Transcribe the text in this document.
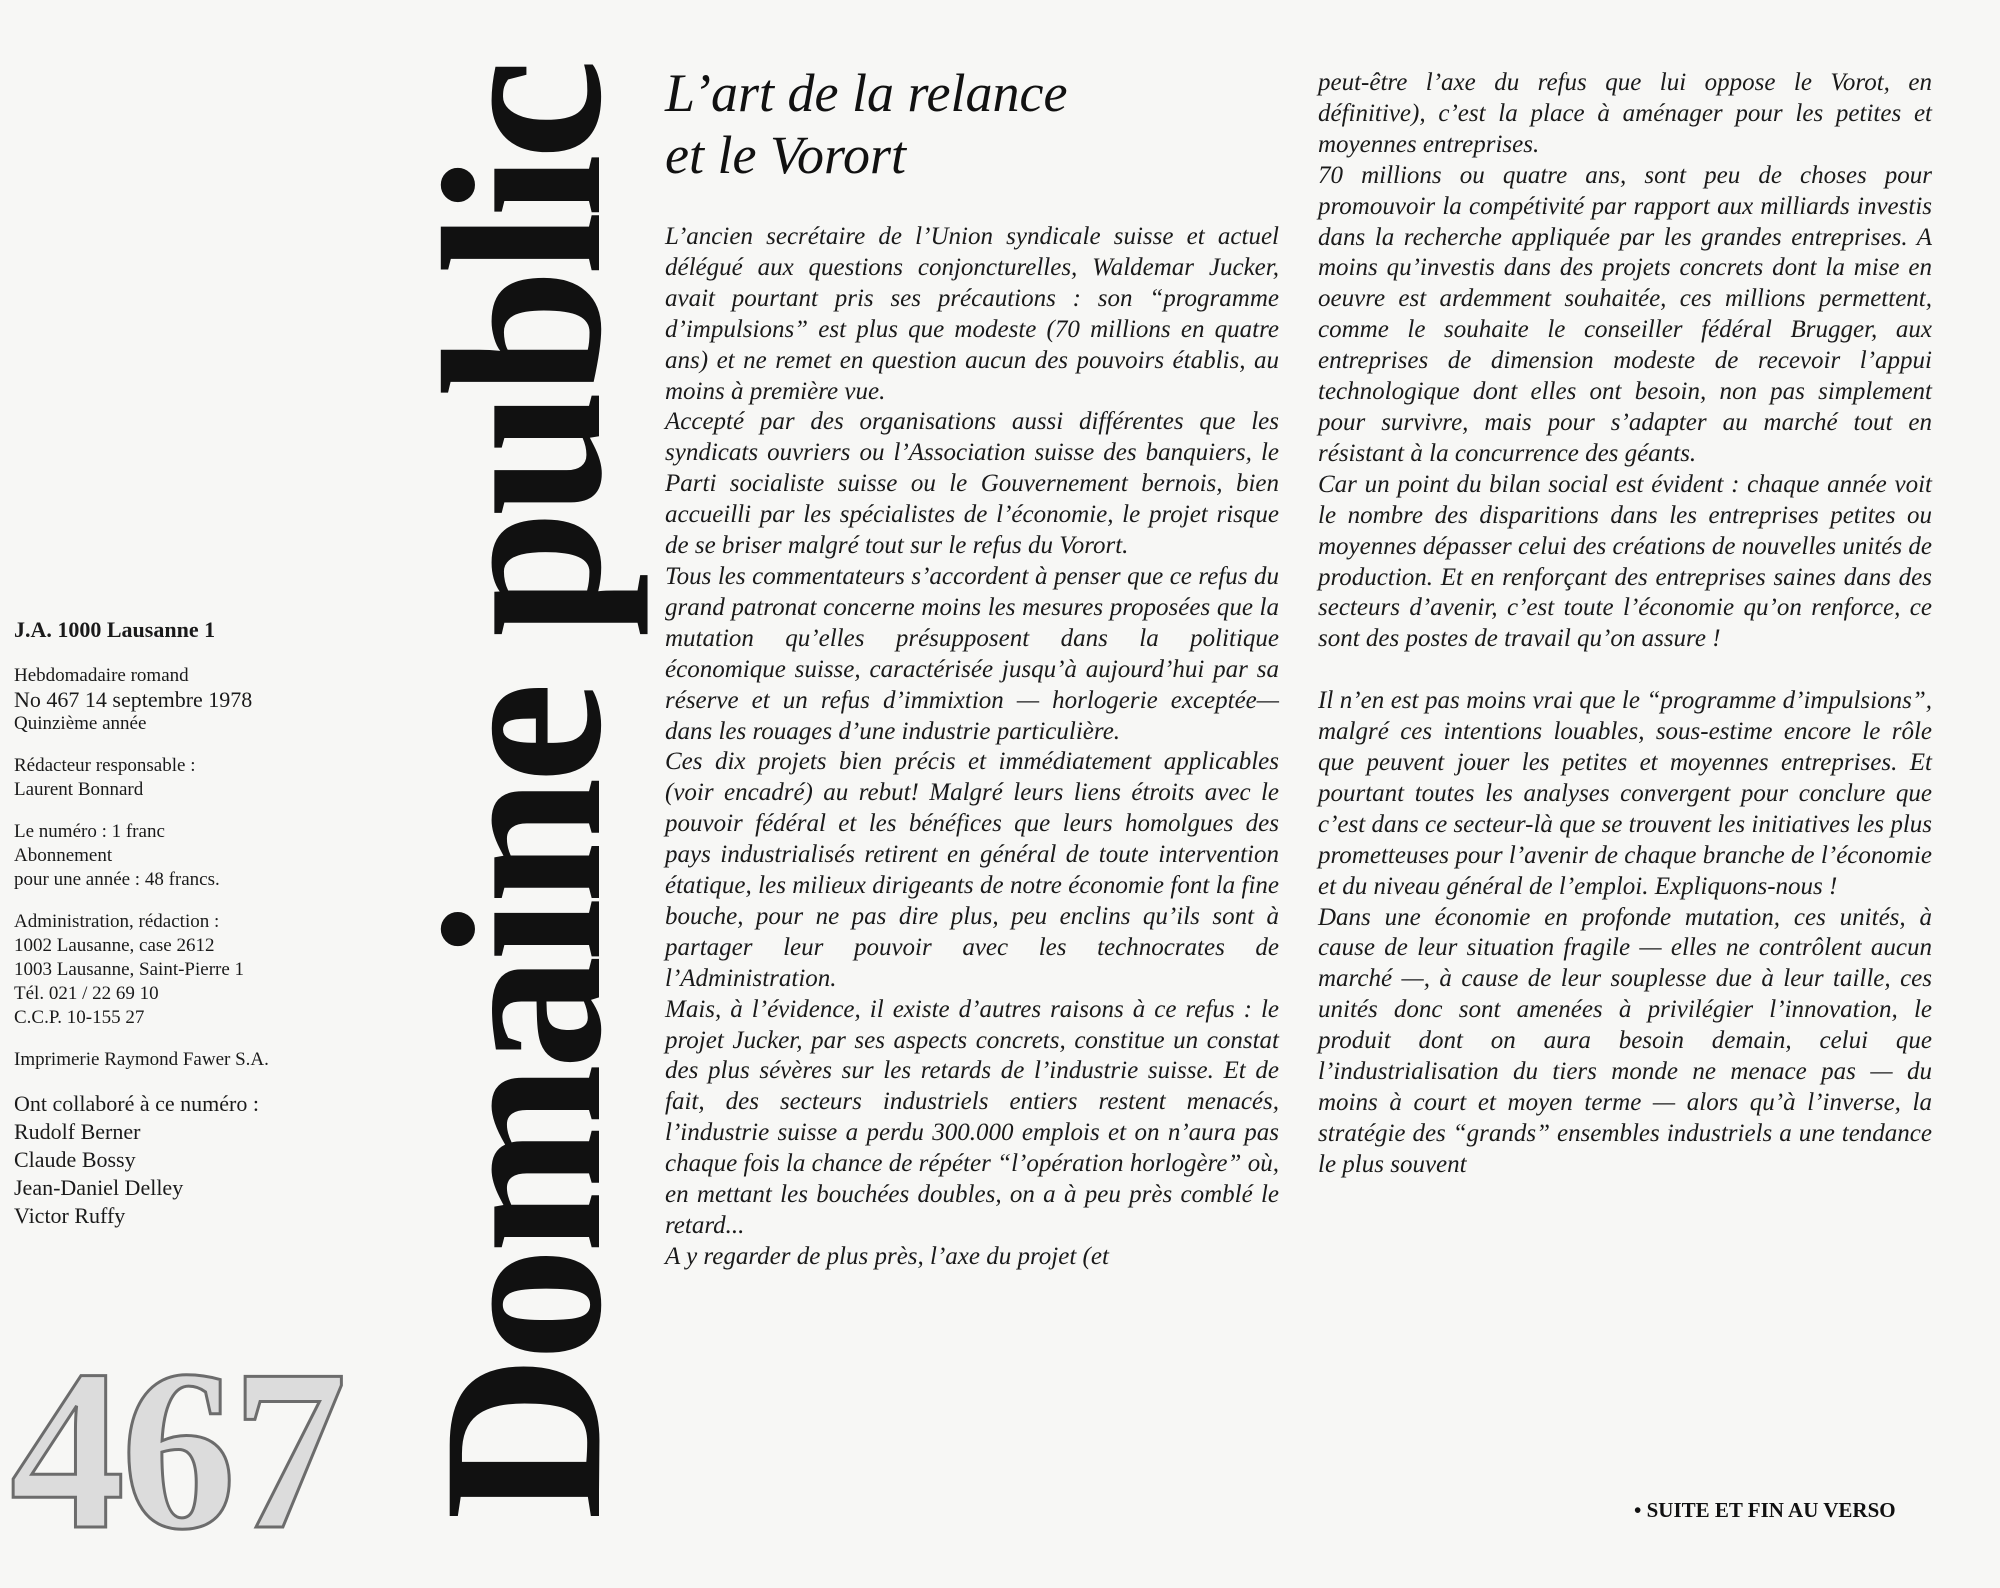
J.A. 1000 Lausanne 1
Hebdomadaire romand
No 467 14 septembre 1978
Quinzième année
Rédacteur responsable :
Laurent Bonnard
Le numéro : 1 franc
Abonnement
pour une année : 48 francs.
Administration, rédaction :
1002 Lausanne, case 2612
1003 Lausanne, Saint-Pierre 1
Tél. 021 / 22 69 10
C.C.P. 10-155 27
Imprimerie Raymond Fawer S.A.
Ont collaboré à ce numéro :
Rudolf Berner
Claude Bossy
Jean-Daniel Delley
Victor Ruffy
467 Domaine public L’art de la relance
et le Vorort

L’ancien secrétaire de l’Union syndicale suisse et actuel délégué aux questions conjoncturelles, Waldemar Jucker, avait pourtant pris ses précautions : son “programme d’impulsions” est plus que modeste (70 millions en quatre ans) et ne remet en question aucun des pouvoirs établis, au moins à première vue.

Accepté par des organisations aussi différentes que les syndicats ouvriers ou l’Association suisse des banquiers, le Parti socialiste suisse ou le Gouvernement bernois, bien accueilli par les spécialistes de l’économie, le projet risque de se briser malgré tout sur le refus du Vorort.

Tous les commentateurs s’accordent à penser que ce refus du grand patronat concerne moins les mesures proposées que la mutation qu’elles présupposent dans la politique économique suisse, caractérisée jusqu’à aujourd’hui par sa réserve et un refus d’immixtion — horlogerie exceptée— dans les rouages d’une industrie particulière.

Ces dix projets bien précis et immédiatement applicables (voir encadré) au rebut! Malgré leurs liens étroits avec le pouvoir fédéral et les bénéfices que leurs homolgues des pays industrialisés retirent en général de toute intervention étatique, les milieux dirigeants de notre économie font la fine bouche, pour ne pas dire plus, peu enclins qu’ils sont à partager leur pouvoir avec les technocrates de l’Administration.

Mais, à l’évidence, il existe d’autres raisons à ce refus : le projet Jucker, par ses aspects concrets, constitue un constat des plus sévères sur les retards de l’industrie suisse. Et de fait, des secteurs industriels entiers restent menacés, l’industrie suisse a perdu 300.000 emplois et on n’aura pas chaque fois la chance de répéter “l’opération horlogère” où, en mettant les bouchées doubles, on a à peu près comblé le retard...

A y regarder de plus près, l’axe du projet (et

peut-être l’axe du refus que lui oppose le Vorot, en définitive), c’est la place à aménager pour les petites et moyennes entreprises.

70 millions ou quatre ans, sont peu de choses pour promouvoir la compétivité par rapport aux milliards investis dans la recherche appliquée par les grandes entreprises. A moins qu’investis dans des projets concrets dont la mise en oeuvre est ardemment souhaitée, ces millions permettent, comme le souhaite le conseiller fédéral Brugger, aux entreprises de dimension modeste de recevoir l’appui technologique dont elles ont besoin, non pas simplement pour survivre, mais pour s’adapter au marché tout en résistant à la concurrence des géants.

Car un point du bilan social est évident : chaque année voit le nombre des disparitions dans les entreprises petites ou moyennes dépasser celui des créations de nouvelles unités de production. Et en renforçant des entreprises saines dans des secteurs d’avenir, c’est toute l’économie qu’on renforce, ce sont des postes de travail qu’on assure !

Il n’en est pas moins vrai que le “programme d’impulsions”, malgré ces intentions louables, sous-estime encore le rôle que peuvent jouer les petites et moyennes entreprises. Et pourtant toutes les analyses convergent pour conclure que c’est dans ce secteur-là que se trouvent les initiatives les plus prometteuses pour l’avenir de chaque branche de l’économie et du niveau général de l’emploi. Expliquons-nous !

Dans une économie en profonde mutation, ces unités, à cause de leur situation fragile — elles ne contrôlent aucun marché —, à cause de leur souplesse due à leur taille, ces unités donc sont amenées à privilégier l’innovation, le produit dont on aura besoin demain, celui que l’industrialisation du tiers monde ne menace pas — du moins à court et moyen terme — alors qu’à l’inverse, la stratégie des “grands” ensembles industriels a une tendance le plus souvent

• SUITE ET FIN AU VERSO
